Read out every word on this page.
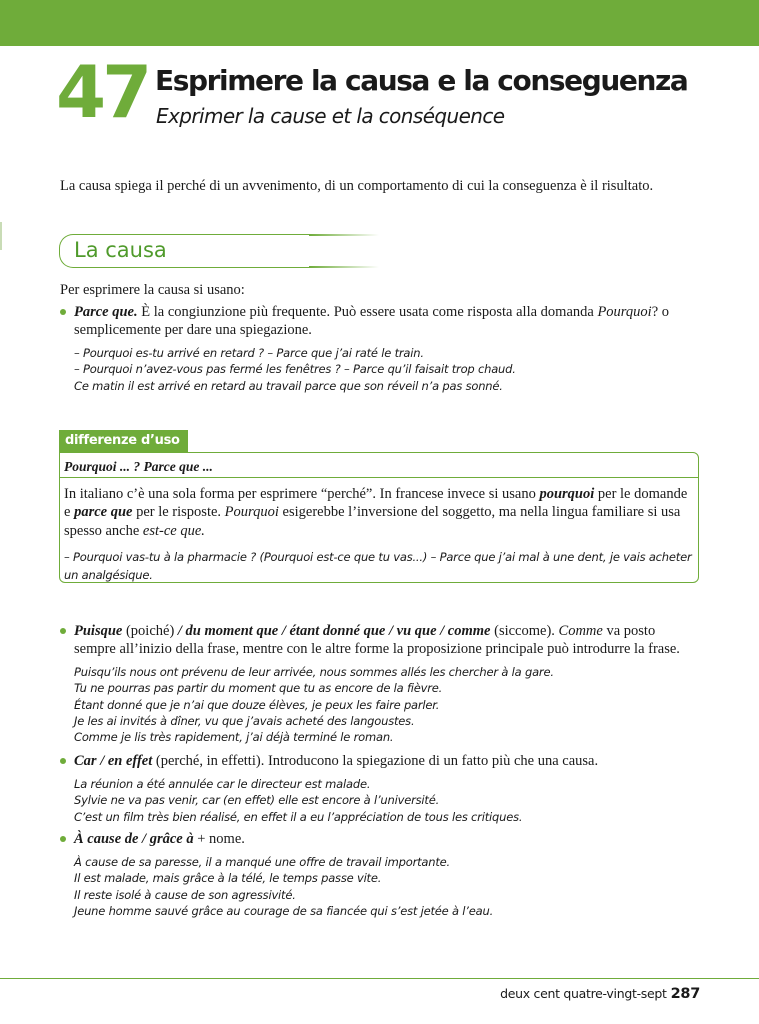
47 Esprimere la causa e la conseguenza
Exprimer la cause et la conséquence
La causa spiega il perché di un avvenimento, di un comportamento di cui la conseguenza è il risultato.
La causa
Per esprimere la causa si usano:
Parce que. È la congiunzione più frequente. Può essere usata come risposta alla domanda Pourquoi? o semplicemente per dare una spiegazione.
– Pourquoi es-tu arrivé en retard ? – Parce que j’ai raté le train.
– Pourquoi n’avez-vous pas fermé les fenêtres ? – Parce qu’il faisait trop chaud.
Ce matin il est arrivé en retard au travail parce que son réveil n’a pas sonné.
differenze d’uso
Pourquoi ... ? Parce que ...
In italiano c’è una sola forma per esprimere “perché”. In francese invece si usano pourquoi per le domande e parce que per le risposte. Pourquoi esigerebbe l’inversione del soggetto, ma nella lingua familiare si usa spesso anche est-ce que.
– Pourquoi vas-tu à la pharmacie ? (Pourquoi est-ce que tu vas...) – Parce que j’ai mal à une dent, je vais acheter un analgésique.
Puisque (poiché) / du moment que / étant donné que / vu que / comme (siccome). Comme va posto sempre all’inizio della frase, mentre con le altre forme la proposizione principale può introdurre la frase.
Puisqu’ils nous ont prévenu de leur arrivée, nous sommes allés les chercher à la gare.
Tu ne pourras pas partir du moment que tu as encore de la fièvre.
Étant donné que je n’ai que douze élèves, je peux les faire parler.
Je les ai invités à dîner, vu que j’avais acheté des langoustes.
Comme je lis très rapidement, j’ai déjà terminé le roman.
Car / en effet (perché, in effetti). Introducono la spiegazione di un fatto più che una causa.
La réunion a été annulée car le directeur est malade.
Sylvie ne va pas venir, car (en effet) elle est encore à l’université.
C’est un film très bien réalisé, en effet il a eu l’appréciation de tous les critiques.
À cause de / grâce à + nome.
À cause de sa paresse, il a manqué une offre de travail importante.
Il est malade, mais grâce à la télé, le temps passe vite.
Il reste isolé à cause de son agressivité.
Jeune homme sauvé grâce au courage de sa fiancée qui s’est jetée à l’eau.
deux cent quatre-vingt-sept 287
